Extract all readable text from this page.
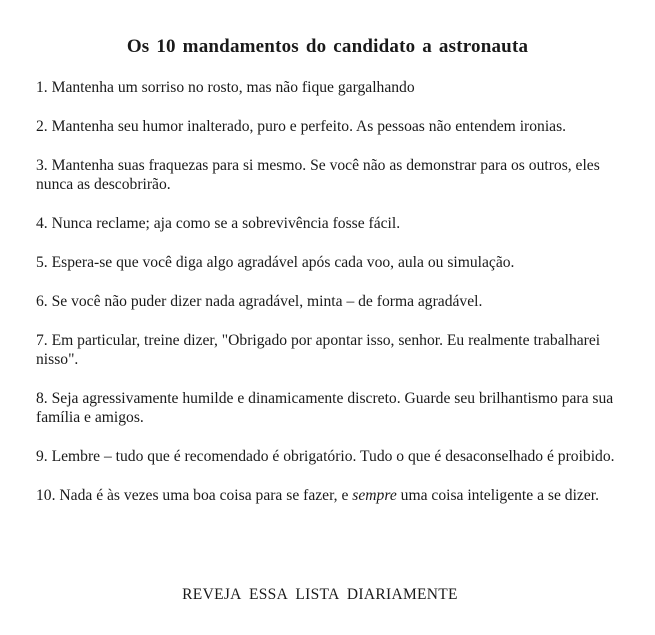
Os 10 mandamentos do candidato a astronauta

1. Mantenha um sorriso no rosto, mas não fique gargalhando

2. Mantenha seu humor inalterado, puro e perfeito. As pessoas não entendem ironias.

3. Mantenha suas fraquezas para si mesmo. Se você não as demonstrar para os outros, eles nunca as descobrirão.

4. Nunca reclame; aja como se a sobrevivência fosse fácil.

5. Espera-se que você diga algo agradável após cada voo, aula ou simulação.

6. Se você não puder dizer nada agradável, minta – de forma agradável.

7. Em particular, treine dizer, "Obrigado por apontar isso, senhor. Eu realmente trabalharei nisso".

8. Seja agressivamente humilde e dinamicamente discreto. Guarde seu brilhantismo para sua família e amigos.

9. Lembre – tudo que é recomendado é obrigatório. Tudo o que é desaconselhado é proibido.

10. Nada é às vezes uma boa coisa para se fazer, e sempre uma coisa inteligente a se dizer.

REVEJA ESSA LISTA DIARIAMENTE
